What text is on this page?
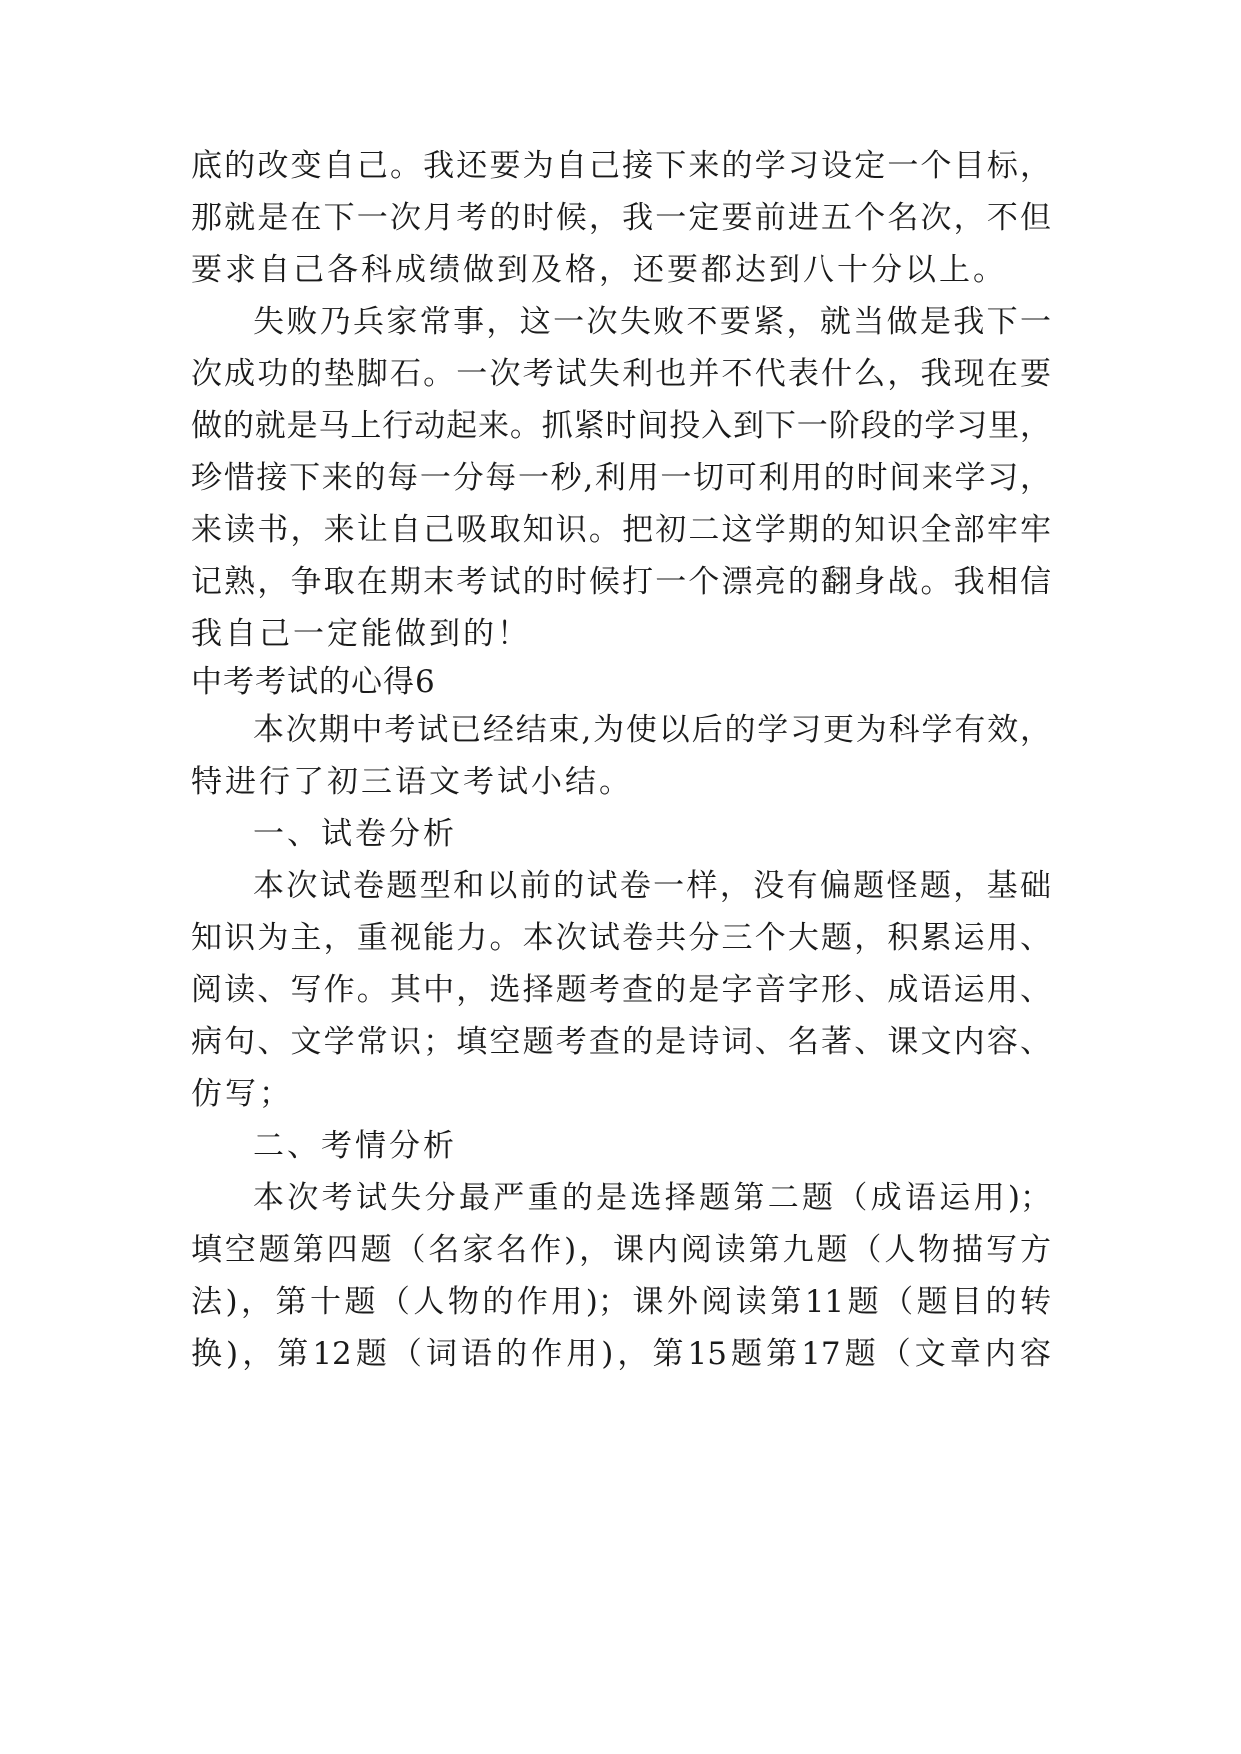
底的改变自己。我还要为自己接下来的学习设定一个目标，
那就是在下一次月考的时候，我一定要前进五个名次，不但
要求自己各科成绩做到及格，还要都达到八十分以上。
失败乃兵家常事，这一次失败不要紧，就当做是我下一
次成功的垫脚石。一次考试失利也并不代表什么，我现在要
做的就是马上行动起来。抓紧时间投入到下一阶段的学习里，
珍惜接下来的每一分每一秒,利用一切可利用的时间来学习，
来读书，来让自己吸取知识。把初二这学期的知识全部牢牢
记熟，争取在期末考试的时候打一个漂亮的翻身战。我相信
我自己一定能做到的！
中考考试的心得6
本次期中考试已经结束,为使以后的学习更为科学有效，
特进行了初三语文考试小结。
一、试卷分析
本次试卷题型和以前的试卷一样，没有偏题怪题，基础
知识为主，重视能力。本次试卷共分三个大题，积累运用、
阅读、写作。其中，选择题考查的是字音字形、成语运用、
病句、文学常识；填空题考查的是诗词、名著、课文内容、
仿写；
二、考情分析
本次考试失分最严重的是选择题第二题（成语运用)；
填空题第四题（名家名作)，课内阅读第九题（人物描写方
法)，第十题（人物的作用)；课外阅读第11题（题目的转
换)，第12题（词语的作用)，第15题第17题（文章内容
